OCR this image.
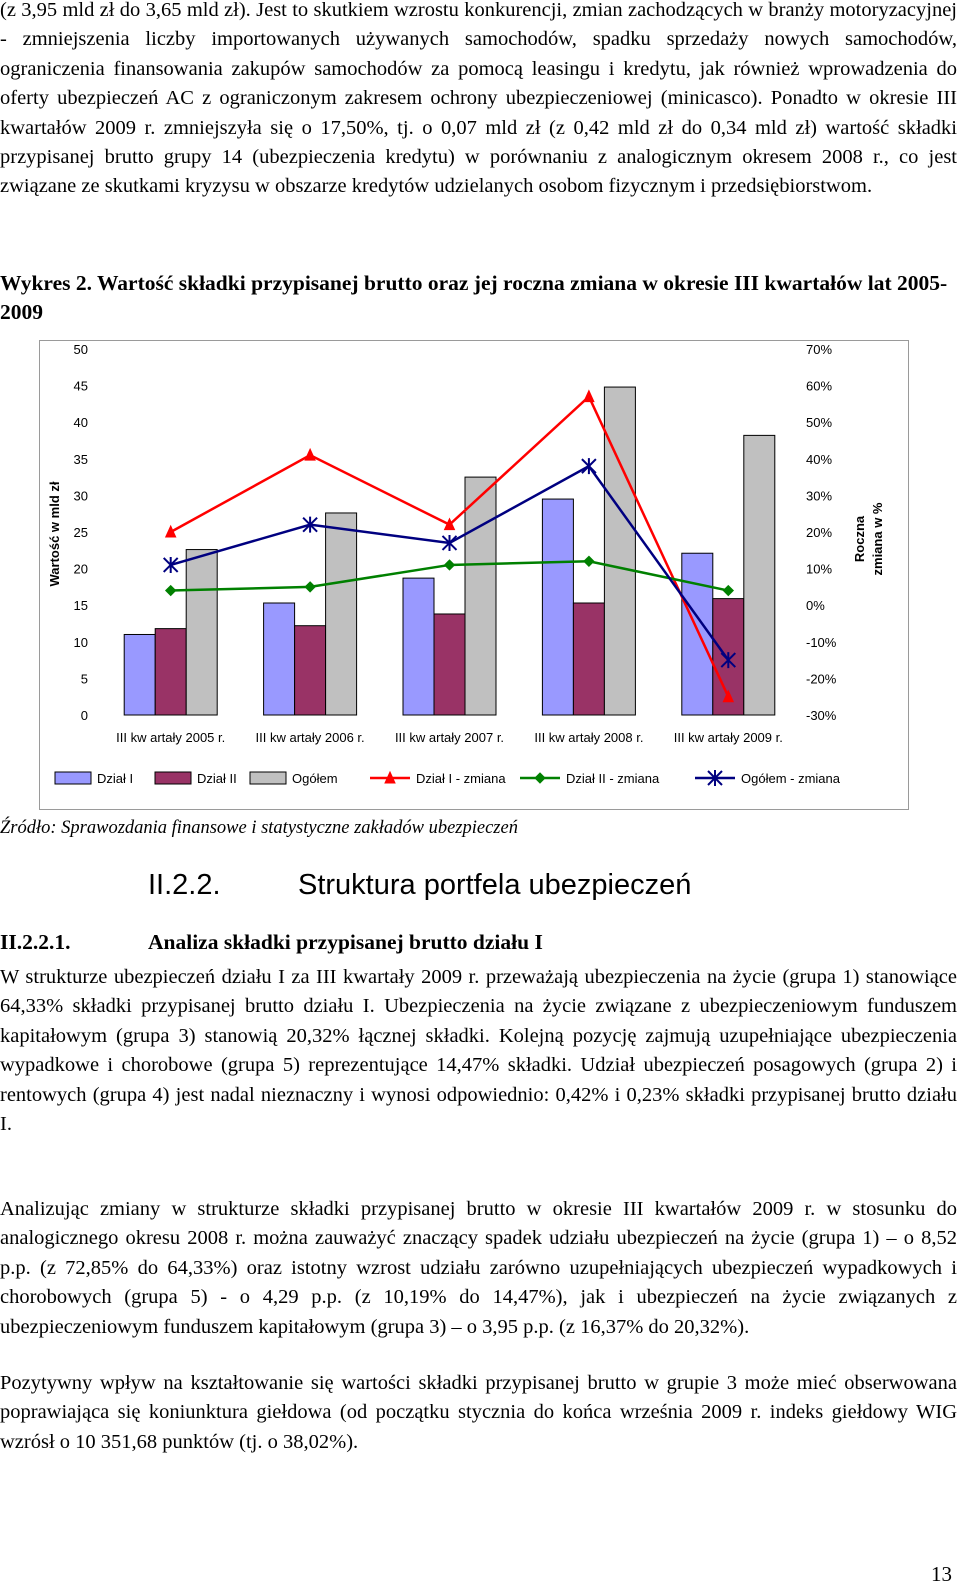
(z 3,95 mld zł do 3,65 mld zł). Jest to skutkiem wzrostu konkurencji, zmian zachodzących w branży motoryzacyjnej - zmniejszenia liczby importowanych używanych samochodów, spadku sprzedaży nowych samochodów, ograniczenia finansowania zakupów samochodów za pomocą leasingu i kredytu, jak również wprowadzenia do oferty ubezpieczeń AC z ograniczonym zakresem ochrony ubezpieczeniowej (minicasco). Ponadto w okresie III kwartałów 2009 r. zmniejszyła się o 17,50%, tj. o 0,07 mld zł (z 0,42 mld zł do 0,34 mld zł) wartość składki przypisanej brutto grupy 14 (ubezpieczenia kredytu) w porównaniu z analogicznym okresem 2008 r., co jest związane ze skutkami kryzysu w obszarze kredytów udzielanych osobom fizycznym i przedsiębiorstwom.

Wykres 2. Wartość składki przypisanej brutto oraz jej roczna zmiana w okresie III kwartałów lat 2005-2009

0
5
10
15
20
25
30
35
40
45
50
-30%
-20%
-10%
0%
10%
20%
30%
40%
50%
60%
70%
Wartość w mld zł	Roczna zmiana w %
III kw artały 2005 r. III kw artały 2006 r. III kw artały 2007 r. III kw artały 2008 r. III kw artały 2009 r.
Dział I	Dział II	Ogółem	Dział I - zmiana	Dział II - zmiana	Ogółem - zmiana

Źródło: Sprawozdania finansowe i statystyczne zakładów ubezpieczeń

II.2.2.	Struktura portfela ubezpieczeń

II.2.2.1.	Analiza składki przypisanej brutto działu I

W strukturze ubezpieczeń działu I za III kwartały 2009 r. przeważają ubezpieczenia na życie (grupa 1) stanowiące 64,33% składki przypisanej brutto działu I. Ubezpieczenia na życie związane z ubezpieczeniowym funduszem kapitałowym (grupa 3) stanowią 20,32% łącznej składki. Kolejną pozycję zajmują uzupełniające ubezpieczenia wypadkowe i chorobowe (grupa 5) reprezentujące 14,47% składki. Udział ubezpieczeń posagowych (grupa 2) i rentowych (grupa 4) jest nadal nieznaczny i wynosi odpowiednio: 0,42% i 0,23% składki przypisanej brutto działu I.

Analizując zmiany w strukturze składki przypisanej brutto w okresie III kwartałów 2009 r. w stosunku do analogicznego okresu 2008 r. można zauważyć znaczący spadek udziału ubezpieczeń na życie (grupa 1) – o 8,52 p.p. (z 72,85% do 64,33%) oraz istotny wzrost udziału zarówno uzupełniających ubezpieczeń wypadkowych i chorobowych (grupa 5) - o 4,29 p.p. (z 10,19% do 14,47%), jak i ubezpieczeń na życie związanych z ubezpieczeniowym funduszem kapitałowym (grupa 3) – o 3,95 p.p. (z 16,37% do 20,32%).

Pozytywny wpływ na kształtowanie się wartości składki przypisanej brutto w grupie 3 może mieć obserwowana poprawiająca się koniunktura giełdowa (od początku stycznia do końca września 2009 r. indeks giełdowy WIG wzrósł o 10 351,68 punktów (tj. o 38,02%).

13
